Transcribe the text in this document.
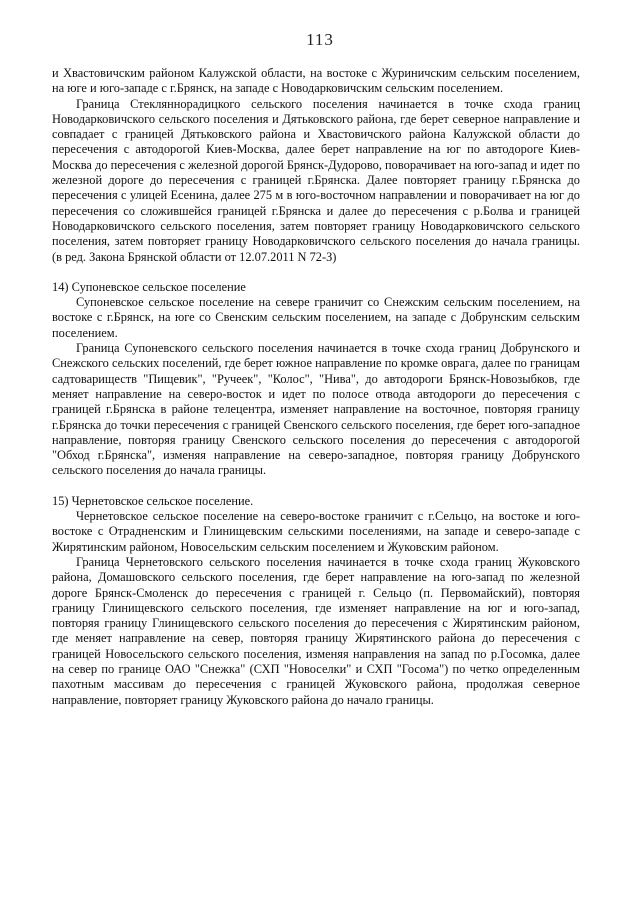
113

и Хвастовичским районом Калужской области, на востоке с Журиничским сельским поселением, на юге и юго-западе с г.Брянск, на западе с Новодарковичским сельским поселением.

Граница Стекляннорадицкого сельского поселения начинается в точке схода границ Новодарковичского сельского поселения и Дятьковского района, где берет северное направление и совпадает с границей Дятьковского района и Хвастовичского района Калужской области до пересечения с автодорогой Киев-Москва, далее берет направление на юг по автодороге Киев-Москва до пересечения с железной дорогой Брянск-Дудорово, поворачивает на юго-запад и идет по железной дороге до пересечения с границей г.Брянска. Далее повторяет границу г.Брянска до пересечения с улицей Есенина, далее 275 м в юго-восточном направлении и поворачивает на юг до пересечения со сложившейся границей г.Брянска и далее до пересечения с р.Болва и границей Новодарковичского сельского поселения, затем повторяет границу Новодарковичского сельского поселения, затем повторяет границу Новодарковичского сельского поселения до начала границы. (в ред. Закона Брянской области от 12.07.2011 N 72-З)

14) Супоневское сельское поселение

Супоневское сельское поселение на севере граничит со Снежским сельским поселением, на востоке с г.Брянск, на юге со Свенским сельским поселением, на западе с Добрунским сельским поселением.

Граница Супоневского сельского поселения начинается в точке схода границ Добрунского и Снежского сельских поселений, где берет южное направление по кромке оврага, далее по границам садтовариществ "Пищевик", "Ручеек", "Колос", "Нива", до автодороги Брянск-Новозыбков, где меняет направление на северо-восток и идет по полосе отвода автодороги до пересечения с границей г.Брянска в районе телецентра, изменяет направление на восточное, повторяя границу г.Брянска до точки пересечения с границей Свенского сельского поселения, где берет юго-западное направление, повторяя границу Свенского сельского поселения до пересечения с автодорогой "Обход г.Брянска", изменяя направление на северо-западное, повторяя границу Добрунского сельского поселения до начала границы.

15) Чернетовское сельское поселение.

Чернетовское сельское поселение на северо-востоке граничит с г.Сельцо, на востоке и юго-востоке с Отрадненским и Глинищевским сельскими поселениями, на западе и северо-западе с Жирятинским районом, Новосельским сельским поселением и Жуковским районом.

Граница Чернетовского сельского поселения начинается в точке схода границ Жуковского района, Домашовского сельского поселения, где берет направление на юго-запад по железной дороге Брянск-Смоленск до пересечения с границей г. Сельцо (п. Первомайский), повторяя границу Глинищевского сельского поселения, где изменяет направление на юг и юго-запад, повторяя границу Глинищевского сельского поселения до пересечения с Жирятинским районом, где меняет направление на север, повторяя границу Жирятинского района до пересечения с границей Новосельского сельского поселения, изменяя направления на запад по р.Госомка, далее на север по границе ОАО "Снежка" (СХП "Новоселки" и СХП "Госома") по четко определенным пахотным массивам до пересечения с границей Жуковского района, продолжая северное направление, повторяет границу Жуковского района до начало границы.
